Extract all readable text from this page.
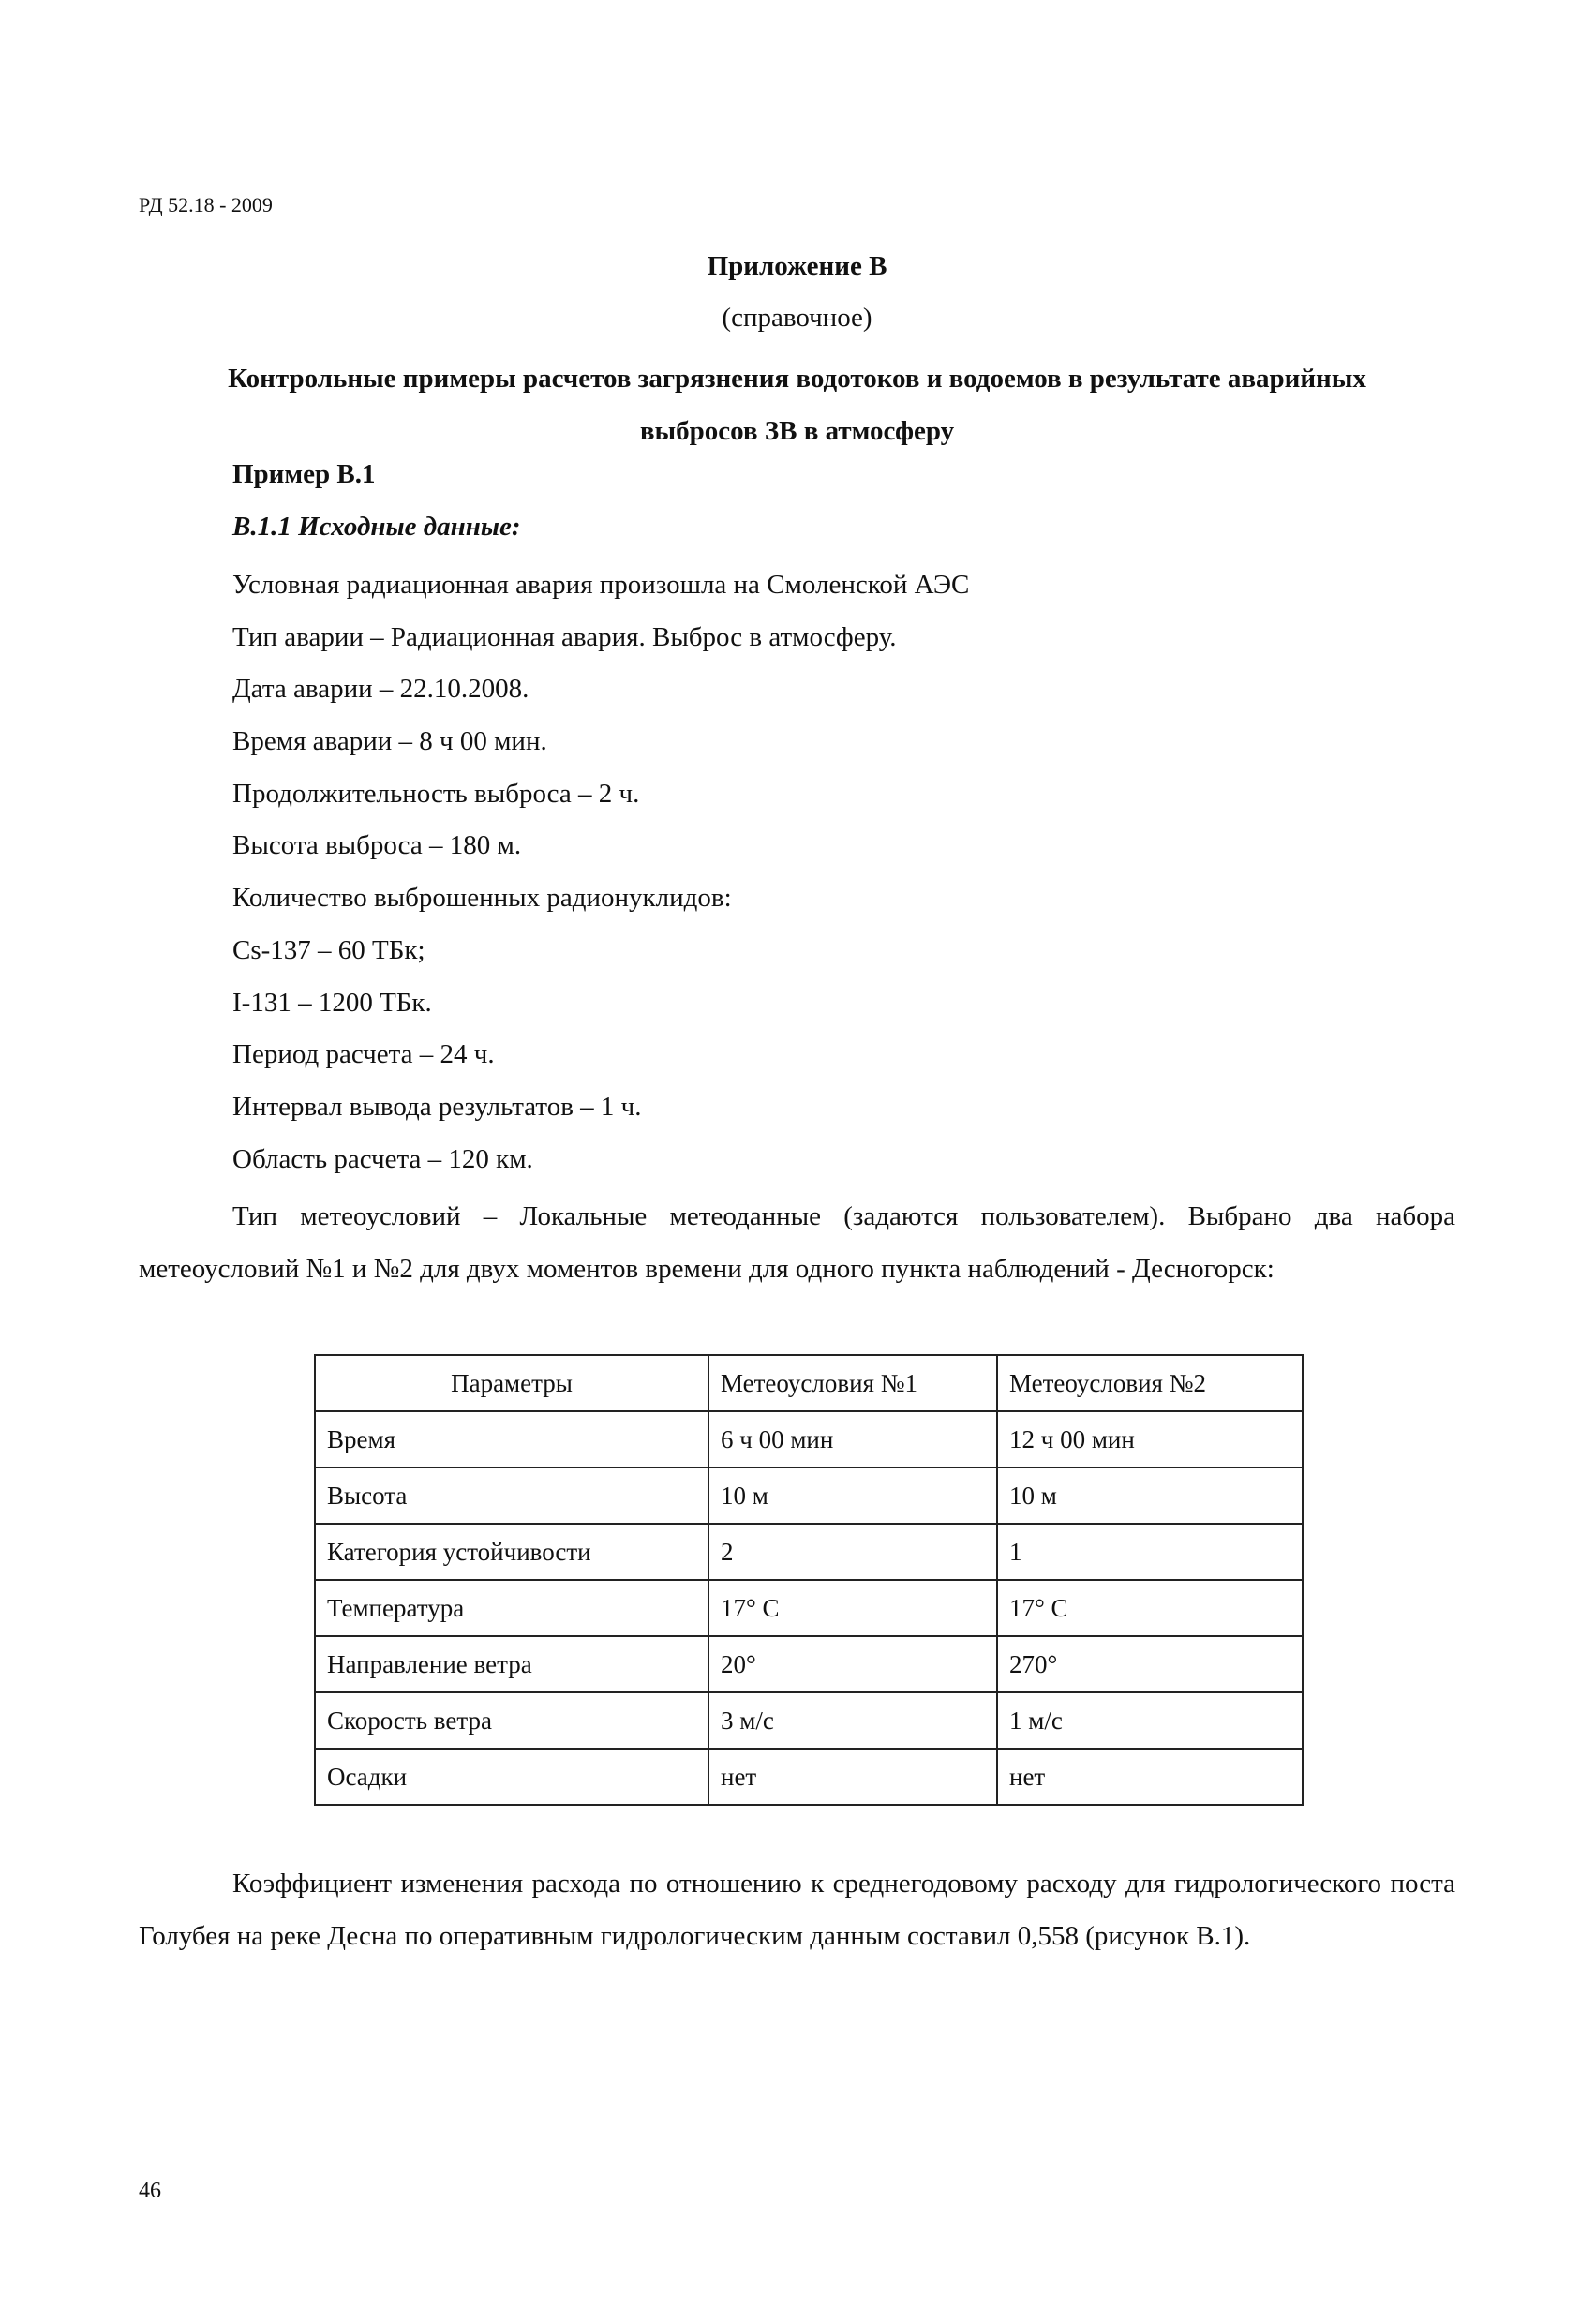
РД 52.18 - 2009
Приложение В
(справочное)
Контрольные примеры расчетов загрязнения водотоков и водоемов в результате аварийных
выбросов ЗВ в атмосферу
Пример В.1
В.1.1 Исходные данные:
Условная радиационная авария произошла на Смоленской АЭС
Тип аварии – Радиационная авария. Выброс в атмосферу.
Дата аварии – 22.10.2008.
Время аварии – 8 ч 00 мин.
Продолжительность выброса – 2 ч.
Высота выброса – 180 м.
Количество выброшенных радионуклидов:
Cs-137 – 60 ТБк;
I-131 – 1200 ТБк.
Период расчета – 24 ч.
Интервал вывода результатов – 1 ч.
Область расчета – 120 км.
Тип метеоусловий – Локальные метеоданные (задаются пользователем). Выбрано два набора метеоусловий №1 и №2 для двух моментов времени для одного пункта наблюдений - Десногорск:
Параметры	Метеоусловия №1	Метеоусловия №2
Время	6 ч 00 мин	12 ч 00 мин
Высота	10 м	10 м
Категория устойчивости	2	1
Температура	17° С	17° С
Направление ветра	20°	270°
Скорость ветра	3 м/с	1 м/с
Осадки	нет	нет
Коэффициент изменения расхода по отношению к среднегодовому расходу для гидрологического поста Голубея на реке Десна по оперативным гидрологическим данным составил 0,558 (рисунок В.1).
46
